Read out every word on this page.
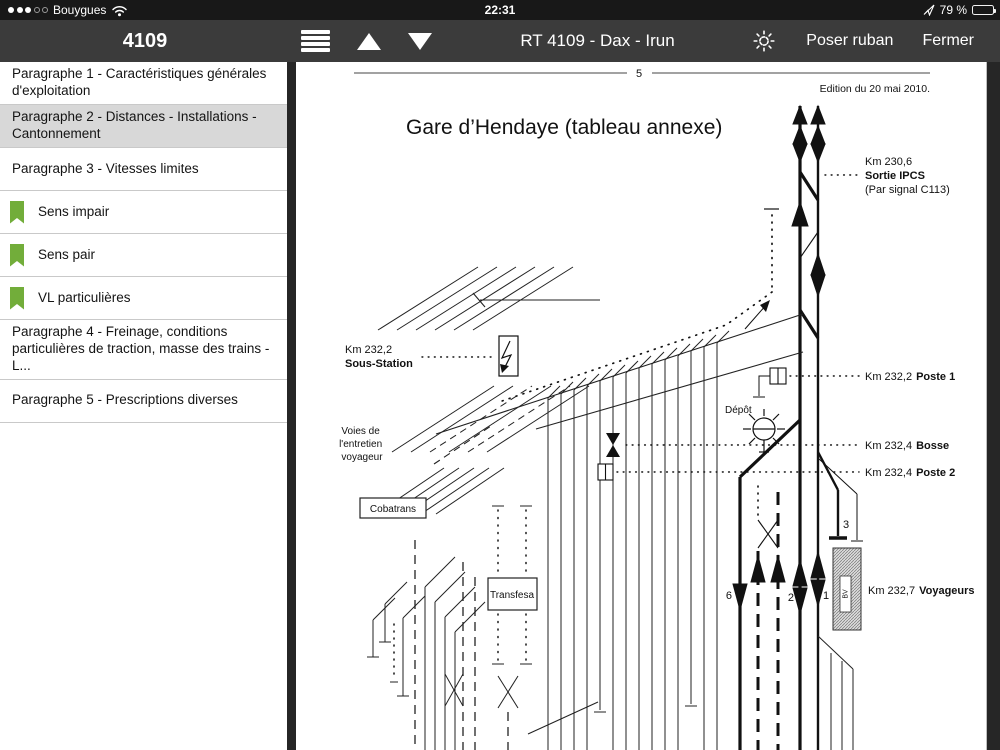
Bouygues	22:31	79 %
4109	RT 4109 - Dax - Irun	Poser ruban Fermer
Paragraphe 1 - Caractéristiques générales d'exploitation
Paragraphe 2 - Distances - Installations - Cantonnement
Paragraphe 3 - Vitesses limites
Sens impair
Sens pair
VL particulières
Paragraphe 4 - Freinage, conditions particulières de traction, masse des trains - L...
Paragraphe 5 - Prescriptions diverses
5
Edition du 20 mai 2010.
Gare d’Hendaye (tableau annexe)
Voies de l'entretien voyageur
Cobatrans
Transfesa
Dépôt
Km 232,2
Sous-Station
6	2	1
3
BV
Km 230,6
Sortie IPCS
(Par signal C113)
Km 232,2 Poste 1
Km 232,4 Bosse
Km 232,4 Poste 2
Km 232,7 Voyageurs
